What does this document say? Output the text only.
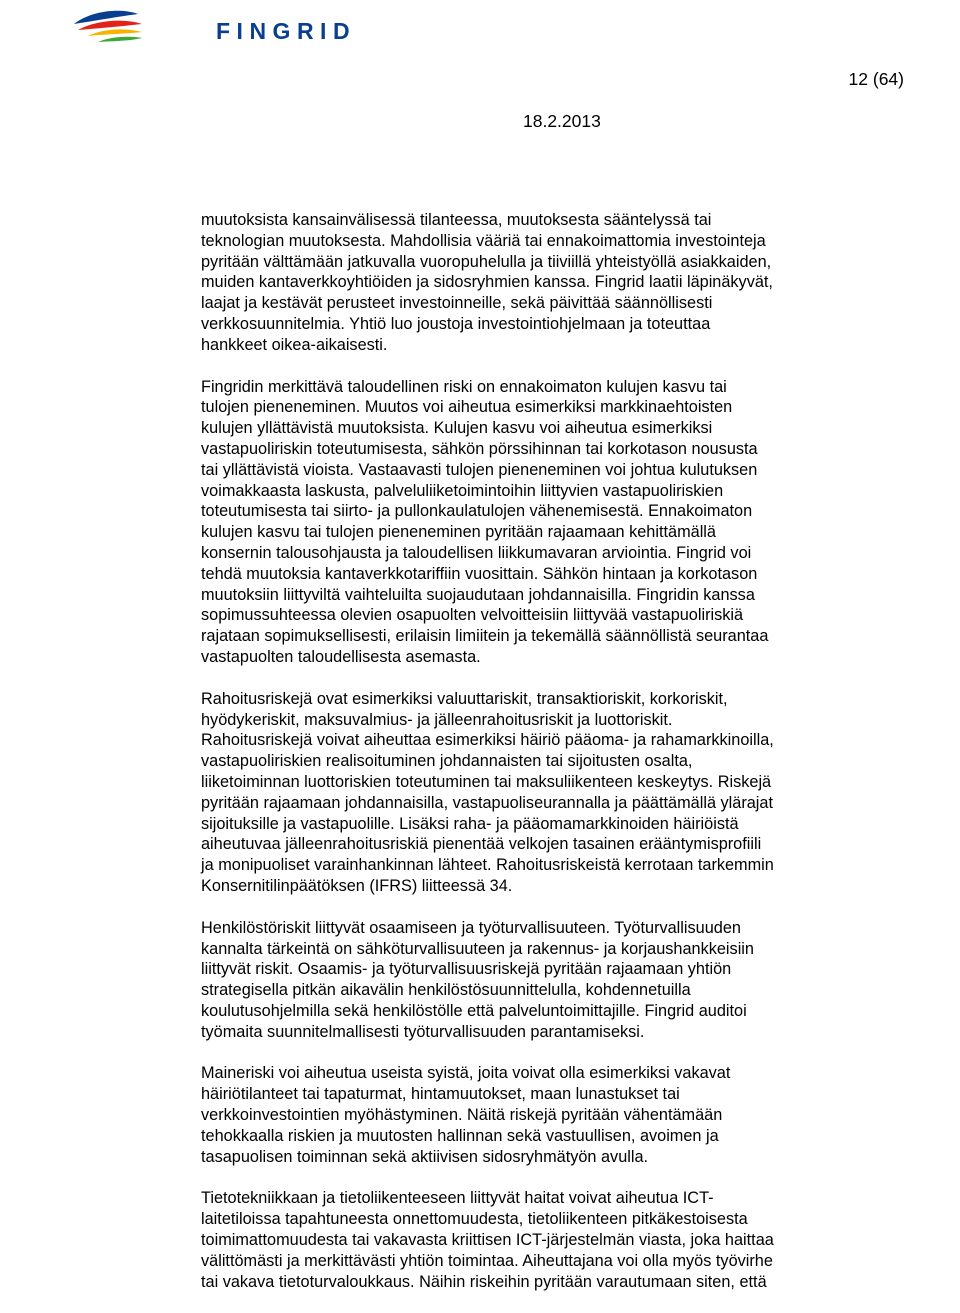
FINGRID
12 (64)
18.2.2013

muutoksista kansainvälisessä tilanteessa, muutoksesta sääntelyssä tai
teknologian muutoksesta. Mahdollisia vääriä tai ennakoimattomia investointeja
pyritään välttämään jatkuvalla vuoropuhelulla ja tiiviillä yhteistyöllä asiakkaiden,
muiden kantaverkkoyhtiöiden ja sidosryhmien kanssa. Fingrid laatii läpinäkyvät,
laajat ja kestävät perusteet investoinneille, sekä päivittää säännöllisesti
verkkosuunnitelmia. Yhtiö luo joustoja investointiohjelmaan ja toteuttaa
hankkeet oikea-aikaisesti.

Fingridin merkittävä taloudellinen riski on ennakoimaton kulujen kasvu tai
tulojen pieneneminen. Muutos voi aiheutua esimerkiksi markkinaehtoisten
kulujen yllättävistä muutoksista. Kulujen kasvu voi aiheutua esimerkiksi
vastapuoliriskin toteutumisesta, sähkön pörssihinnan tai korkotason noususta
tai yllättävistä vioista. Vastaavasti tulojen pieneneminen voi johtua kulutuksen
voimakkaasta laskusta, palveluliiketoimintoihin liittyvien vastapuoliriskien
toteutumisesta tai siirto- ja pullonkaulatulojen vähenemisestä. Ennakoimaton
kulujen kasvu tai tulojen pieneneminen pyritään rajaamaan kehittämällä
konsernin talousohjausta ja taloudellisen liikkumavaran arviointia. Fingrid voi
tehdä muutoksia kantaverkkotariffiin vuosittain. Sähkön hintaan ja korkotason
muutoksiin liittyviltä vaihteluilta suojaudutaan johdannaisilla. Fingridin kanssa
sopimussuhteessa olevien osapuolten velvoitteisiin liittyvää vastapuoliriskiä
rajataan sopimuksellisesti, erilaisin limiitein ja tekemällä säännöllistä seurantaa
vastapuolten taloudellisesta asemasta.

Rahoitusriskejä ovat esimerkiksi valuuttariskit, transaktioriskit, korkoriskit,
hyödykeriskit, maksuvalmius- ja jälleenrahoitusriskit ja luottoriskit.
Rahoitusriskejä voivat aiheuttaa esimerkiksi häiriö pääoma- ja rahamarkkinoilla,
vastapuoliriskien realisoituminen johdannaisten tai sijoitusten osalta,
liiketoiminnan luottoriskien toteutuminen tai maksuliikenteen keskeytys. Riskejä
pyritään rajaamaan johdannaisilla, vastapuoliseurannalla ja päättämällä ylärajat
sijoituksille ja vastapuolille. Lisäksi raha- ja pääomamarkkinoiden häiriöistä
aiheutuvaa jälleenrahoitusriskiä pienentää velkojen tasainen erääntymisprofiili
ja monipuoliset varainhankinnan lähteet. Rahoitusriskeistä kerrotaan tarkemmin
Konsernitilinpäätöksen (IFRS) liitteessä 34.

Henkilöstöriskit liittyvät osaamiseen ja työturvallisuuteen. Työturvallisuuden
kannalta tärkeintä on sähköturvallisuuteen ja rakennus- ja korjaushankkeisiin
liittyvät riskit. Osaamis- ja työturvallisuusriskejä pyritään rajaamaan yhtiön
strategisella pitkän aikavälin henkilöstösuunnittelulla, kohdennetuilla
koulutusohjelmilla sekä henkilöstölle että palveluntoimittajille. Fingrid auditoi
työmaita suunnitelmallisesti työturvallisuuden parantamiseksi.

Maineriski voi aiheutua useista syistä, joita voivat olla esimerkiksi vakavat
häiriötilanteet tai tapaturmat, hintamuutokset, maan lunastukset tai
verkkoinvestointien myöhästyminen. Näitä riskejä pyritään vähentämään
tehokkaalla riskien ja muutosten hallinnan sekä vastuullisen, avoimen ja
tasapuolisen toiminnan sekä aktiivisen sidosryhmätyön avulla.

Tietotekniikkaan ja tietoliikenteeseen liittyvät haitat voivat aiheutua ICT-
laitetiloissa tapahtuneesta onnettomuudesta, tietoliikenteen pitkäkestoisesta
toimimattomuudesta tai vakavasta kriittisen ICT-järjestelmän viasta, joka haittaa
välittömästi ja merkittävästi yhtiön toimintaa. Aiheuttajana voi olla myös työvirhe
tai vakava tietoturvaloukkaus. Näihin riskeihin pyritään varautumaan siten, että
